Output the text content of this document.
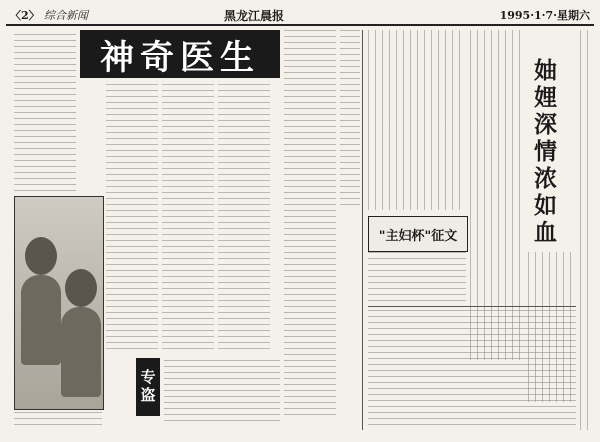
〈2〉 综合新闻	黑龙江晨报	1995·1·7·星期六
神奇医生
专盗
"主妇杯"征文	妯娌深情浓如血
